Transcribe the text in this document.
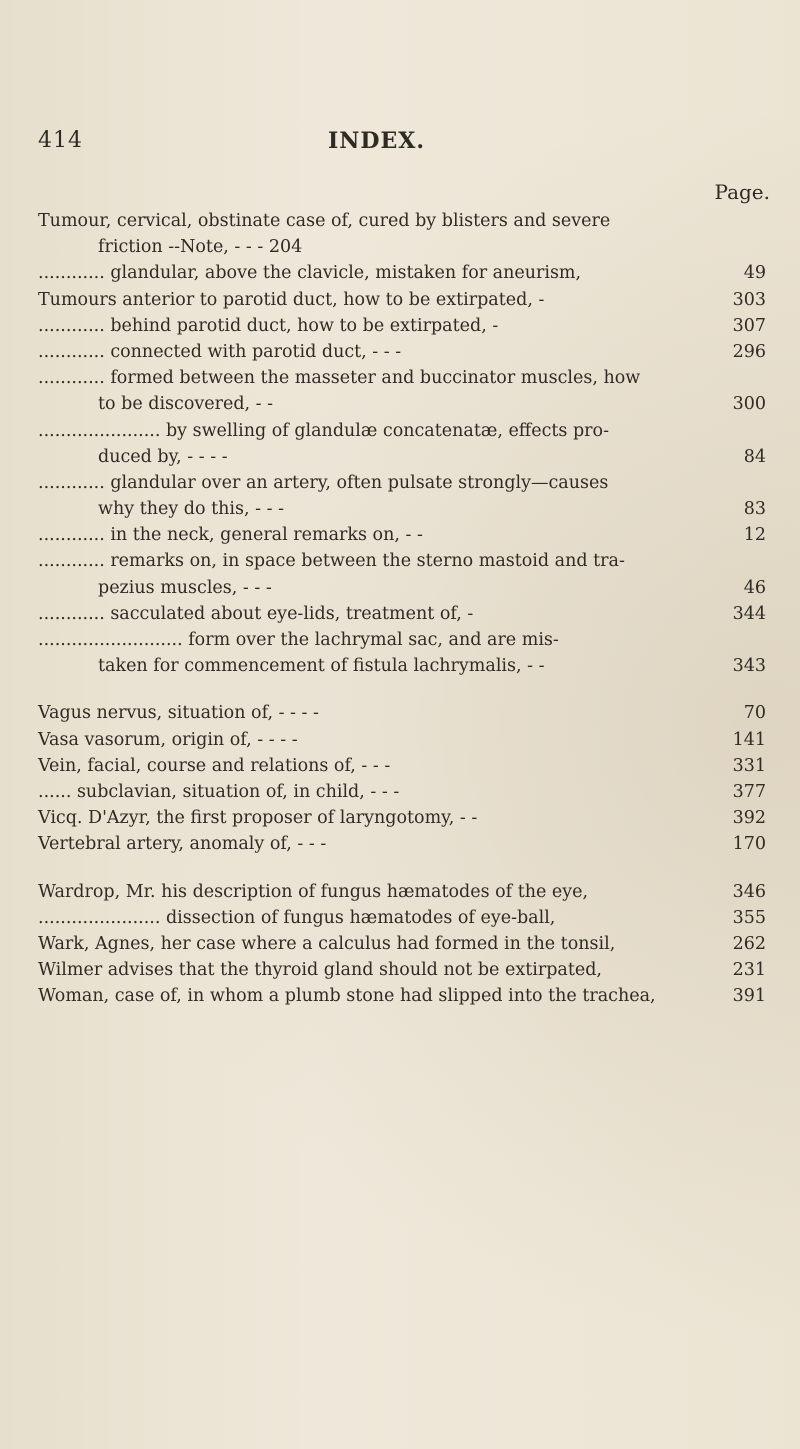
414	INDEX.
Page.
Tumour, cervical, obstinate case of, cured by blisters and severe
friction --Note, - - - 204
............ glandular, above the clavicle, mistaken for aneurism,	49
Tumours anterior to parotid duct, how to be extirpated, -	303
............ behind parotid duct, how to be extirpated, -	307
............ connected with parotid duct, - - -	296
............ formed between the masseter and buccinator muscles, how
to be discovered, - -	300
...................... by swelling of glandulæ concatenatæ, effects pro-
duced by, - - - -	84
............ glandular over an artery, often pulsate strongly—causes
why they do this, - - -	83
............ in the neck, general remarks on, - -	12
............ remarks on, in space between the sterno mastoid and tra-
pezius muscles, - - -	46
............ sacculated about eye-lids, treatment of, -	344
.......................... form over the lachrymal sac, and are mis-
taken for commencement of fistula lachrymalis, - -	343
Vagus nervus, situation of, - - - -	70
Vasa vasorum, origin of, - - - -	141
Vein, facial, course and relations of, - - -	331
...... subclavian, situation of, in child, - - -	377
Vicq. D'Azyr, the first proposer of laryngotomy, - -	392
Vertebral artery, anomaly of, - - -	170
Wardrop, Mr. his description of fungus hæmatodes of the eye,	346
...................... dissection of fungus hæmatodes of eye-ball,	355
Wark, Agnes, her case where a calculus had formed in the tonsil,	262
Wilmer advises that the thyroid gland should not be extirpated,	231
Woman, case of, in whom a plumb stone had slipped into the trachea,	391
